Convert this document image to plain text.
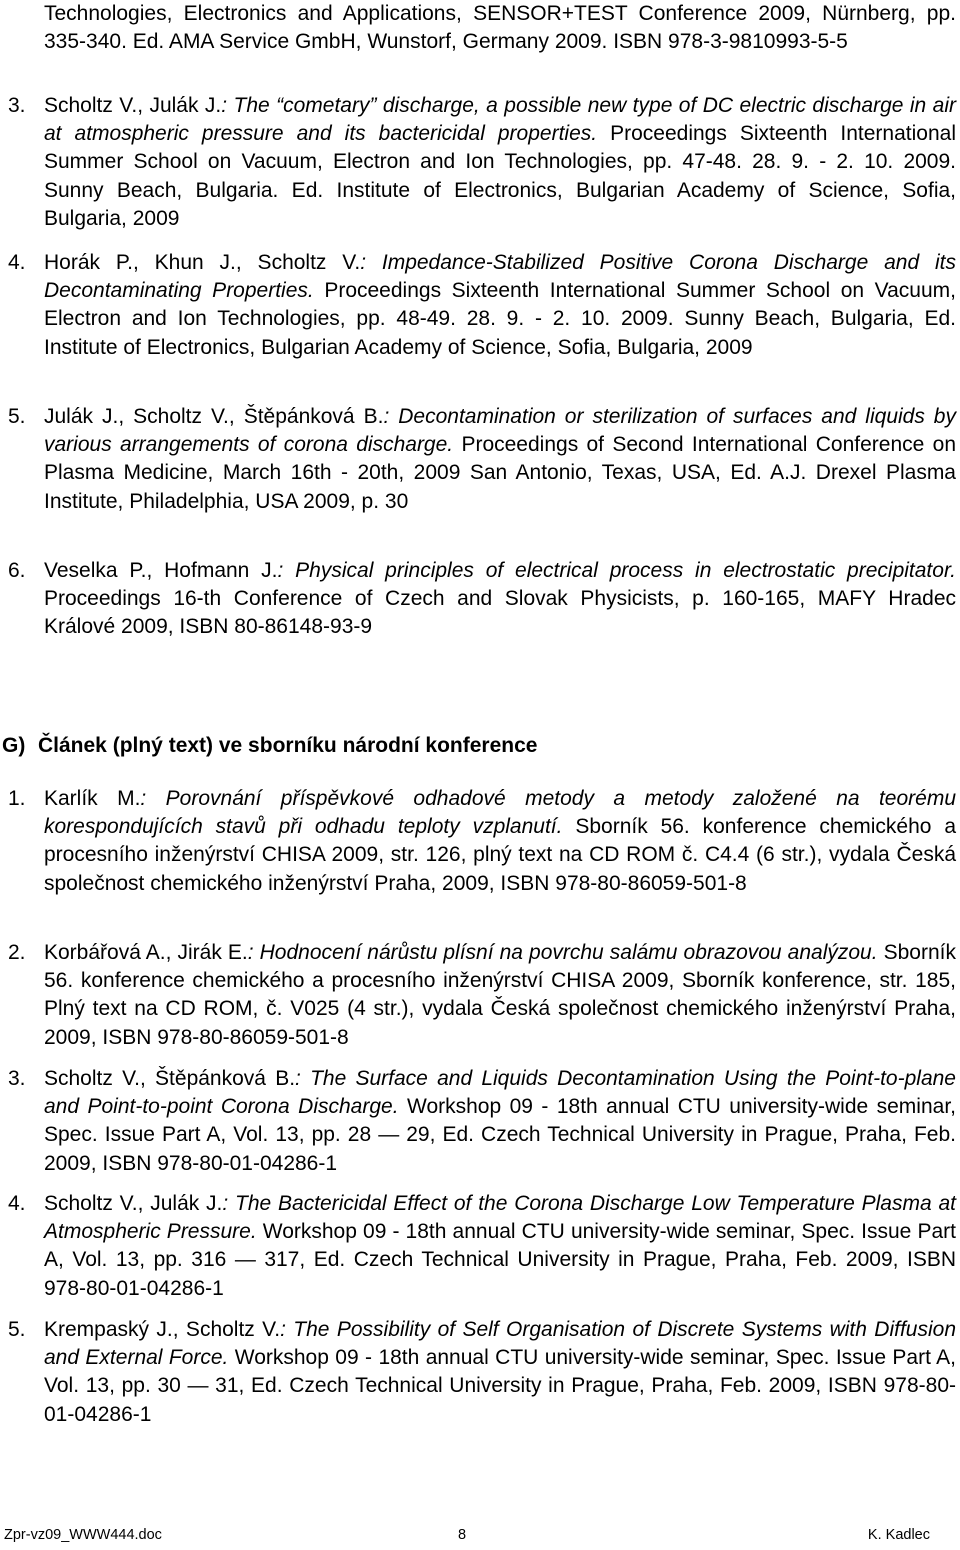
Technologies, Electronics and Applications, SENSOR+TEST Conference 2009, Nürnberg, pp. 335-340. Ed. AMA Service GmbH, Wunstorf, Germany 2009. ISBN 978-3-9810993-5-5
3. Scholtz V., Julák J.: The “cometary” discharge, a possible new type of DC electric discharge in air at atmospheric pressure and its bactericidal properties. Proceedings Sixteenth International Summer School on Vacuum, Electron and Ion Technologies, pp. 47-48. 28. 9. - 2. 10. 2009. Sunny Beach, Bulgaria. Ed. Institute of Electronics, Bulgarian Academy of Science, Sofia, Bulgaria, 2009
4. Horák P., Khun J., Scholtz V.: Impedance-Stabilized Positive Corona Discharge and its Decontaminating Properties. Proceedings Sixteenth International Summer School on Vacuum, Electron and Ion Technologies, pp. 48-49. 28. 9. - 2. 10. 2009. Sunny Beach, Bulgaria, Ed. Institute of Electronics, Bulgarian Academy of Science, Sofia, Bulgaria, 2009
5. Julák J., Scholtz V., Štěpánková B.: Decontamination or sterilization of surfaces and liquids by various arrangements of corona discharge. Proceedings of Second International Conference on Plasma Medicine, March 16th - 20th, 2009 San Antonio, Texas, USA, Ed. A.J. Drexel Plasma Institute, Philadelphia, USA 2009, p. 30
6. Veselka P., Hofmann J.: Physical principles of electrical process in electrostatic precipitator. Proceedings 16-th Conference of Czech and Slovak Physicists, p. 160-165, MAFY Hradec Králové 2009, ISBN 80-86148-93-9
G) Článek (plný text) ve sborníku národní konference
1. Karlík M.: Porovnání příspěvkové odhadové metody a metody založené na teorému korespondujících stavů při odhadu teploty vzplanutí. Sborník 56. konference chemického a procesního inženýrství CHISA 2009, str. 126, plný text na CD ROM č. C4.4 (6 str.), vydala Česká společnost chemického inženýrství Praha, 2009, ISBN 978-80-86059-501-8
2. Korbářová A., Jirák E.: Hodnocení nárůstu plísní na povrchu salámu obrazovou analýzou. Sborník 56. konference chemického a procesního inženýrství CHISA 2009, Sborník konference, str. 185, Plný text na CD ROM, č. V025 (4 str.), vydala Česká společnost chemického inženýrství Praha, 2009, ISBN 978-80-86059-501-8
3. Scholtz V., Štěpánková B.: The Surface and Liquids Decontamination Using the Point-to-plane and Point-to-point Corona Discharge. Workshop 09 - 18th annual CTU university-wide seminar, Spec. Issue Part A, Vol. 13, pp. 28 ― 29, Ed. Czech Technical University in Prague, Praha, Feb. 2009, ISBN 978-80-01-04286-1
4. Scholtz V., Julák J.: The Bactericidal Effect of the Corona Discharge Low Temperature Plasma at Atmospheric Pressure. Workshop 09 - 18th annual CTU university-wide seminar, Spec. Issue Part A, Vol. 13, pp. 316 ― 317, Ed. Czech Technical University in Prague, Praha, Feb. 2009, ISBN 978-80-01-04286-1
5. Krempaský J., Scholtz V.: The Possibility of Self Organisation of Discrete Systems with Diffusion and External Force. Workshop 09 - 18th annual CTU university-wide seminar, Spec. Issue Part A, Vol. 13, pp. 30 ― 31, Ed. Czech Technical University in Prague, Praha, Feb. 2009, ISBN 978-80-01-04286-1
Zpr-vz09_WWW444.doc	8	K. Kadlec
